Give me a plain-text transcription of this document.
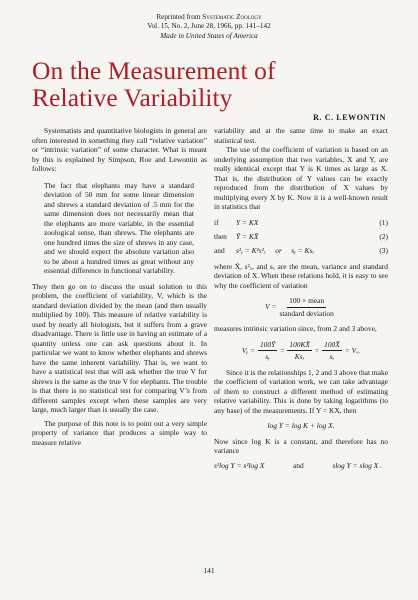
Reprinted from Systematic Zoology
Vol. 15, No. 2, June 28, 1966, pp. 141–142
Made in United States of America
On the Measurement of
Relative Variability
R. C. LEWONTIN

Systematists and quantitative biologists in general are often interested in something they call “relative variation” or “intrinsic variation” of some character. What is meant by this is explained by Simpson, Roe and Lewontin as follows:

The fact that elephants may have a standard deviation of 50 mm for some linear dimension and shrews a standard deviation of .5 mm for the same dimension does not necessarily mean that the elephants are more variable, in the essential zoological sense, than shrews. The elephants are one hundred times the size of shrews in any case, and we should expect the absolute variation also to be about a hundred times as great without any essential difference in functional variability.

They then go on to discuss the usual solution to this problem, the coefficient of variability, V, which is the standard deviation divided by the mean (and then usually multiplied by 100). This measure of relative variability is used by nearly all biologists, but it suffers from a grave disadvantage. There is little use in having an estimate of a quantity unless one can ask questions about it. In particular we want to know whether elephants and shrews have the same inherent variability. That is, we want to have a statistical test that will ask whether the true V for shrews is the same as the true V for elephants. The trouble is that there is no statistical test for comparing V’s from different samples except when these samples are very large, much larger than is usually the case.

The purpose of this note is to point out a very simple property of variance that produces a simple way to measure relative

variability and at the same time to make an exact statistical test.

The use of the coefficient of variation is based on an underlying assumption that two variables, X and Y, are really identical except that Y is K times as large as X. That is, the distribution of Y values can be exactly reproduced from the distribution of X values by multiplying every X by K. Now it is a well-known result in statistics that

if	Y = KX	(1)
then	Ȳ = KX̄	(2)
and	s²ᵧ = K²s²ₓ     or     sᵧ = Ksₓ	(3)

where X̄, s²ₓ, and sₓ are the mean, variance and standard deviation of X. When these relations hold, it is easy to see why the coefficient of variation

$V = \frac{\text{100 × mean}}{\text{standard deviation}}$

measures intrinsic variation since, from 2 and 3 above,

Vᵧ = $\frac{100Ȳ}{\text{sᵧ}} = \frac{100KX̄}{\text{Ksₓ}} = \frac{100X̄}{\text{sₓ}} = V_x$.

Since it is the relationships 1, 2 and 3 above that make the coefficient of variation work, we can take advantage of them to construct a different method of estimating relative variability. This is done by taking logarithms (to any base) of the measurements. If Y = KX, then

log Y = log K + log X.

Now since log K is a constant, and therefore has no variance

s²log Y = s²log X	and	slog Y = slog X .
141
